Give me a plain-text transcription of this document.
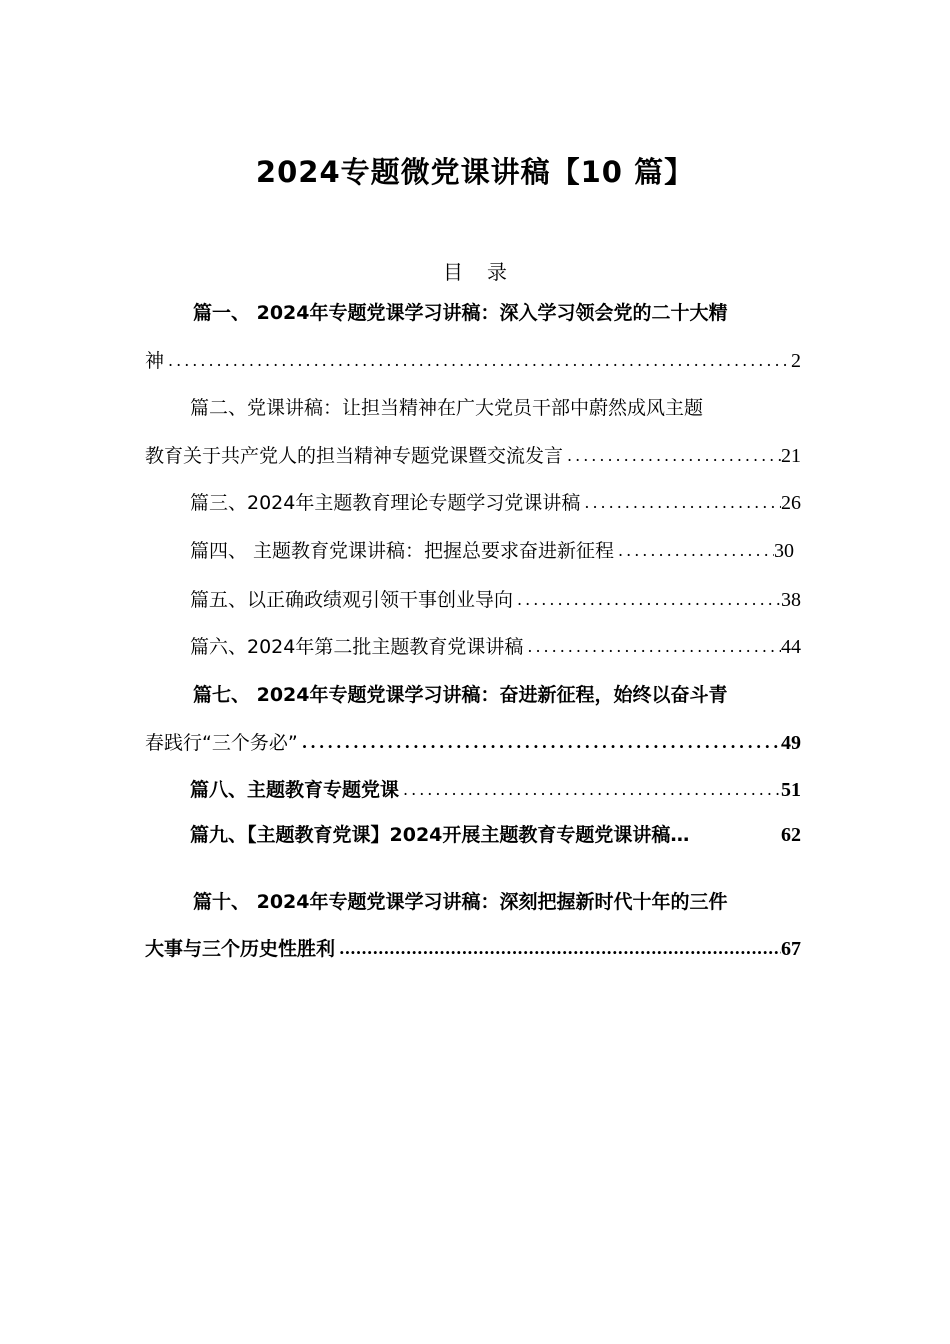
2024专题微党课讲稿【10 篇】
目录
篇一、 2024年专题党课学习讲稿：深入学习领会党的二十大精
神 .....	2
篇二、党课讲稿：让担当精神在广大党员干部中蔚然成风主题
教育关于共产党人的担当精神专题党课暨交流发言 .....	21
篇三、2024年主题教育理论专题学习党课讲稿 .....	26
篇四、 主题教育党课讲稿：把握总要求奋进新征程 .....	30
篇五、以正确政绩观引领干事创业导向 .....	38
篇六、2024年第二批主题教育党课讲稿 .....	44
篇七、 2024年专题党课学习讲稿：奋进新征程，始终以奋斗青
春践行“三个务必” .....	49
篇八、主题教育专题党课 .....	51
篇九、【主题教育党课】2024开展主题教育专题党课讲稿…	62
篇十、 2024年专题党课学习讲稿：深刻把握新时代十年的三件
大事与三个历史性胜利 .....	67
